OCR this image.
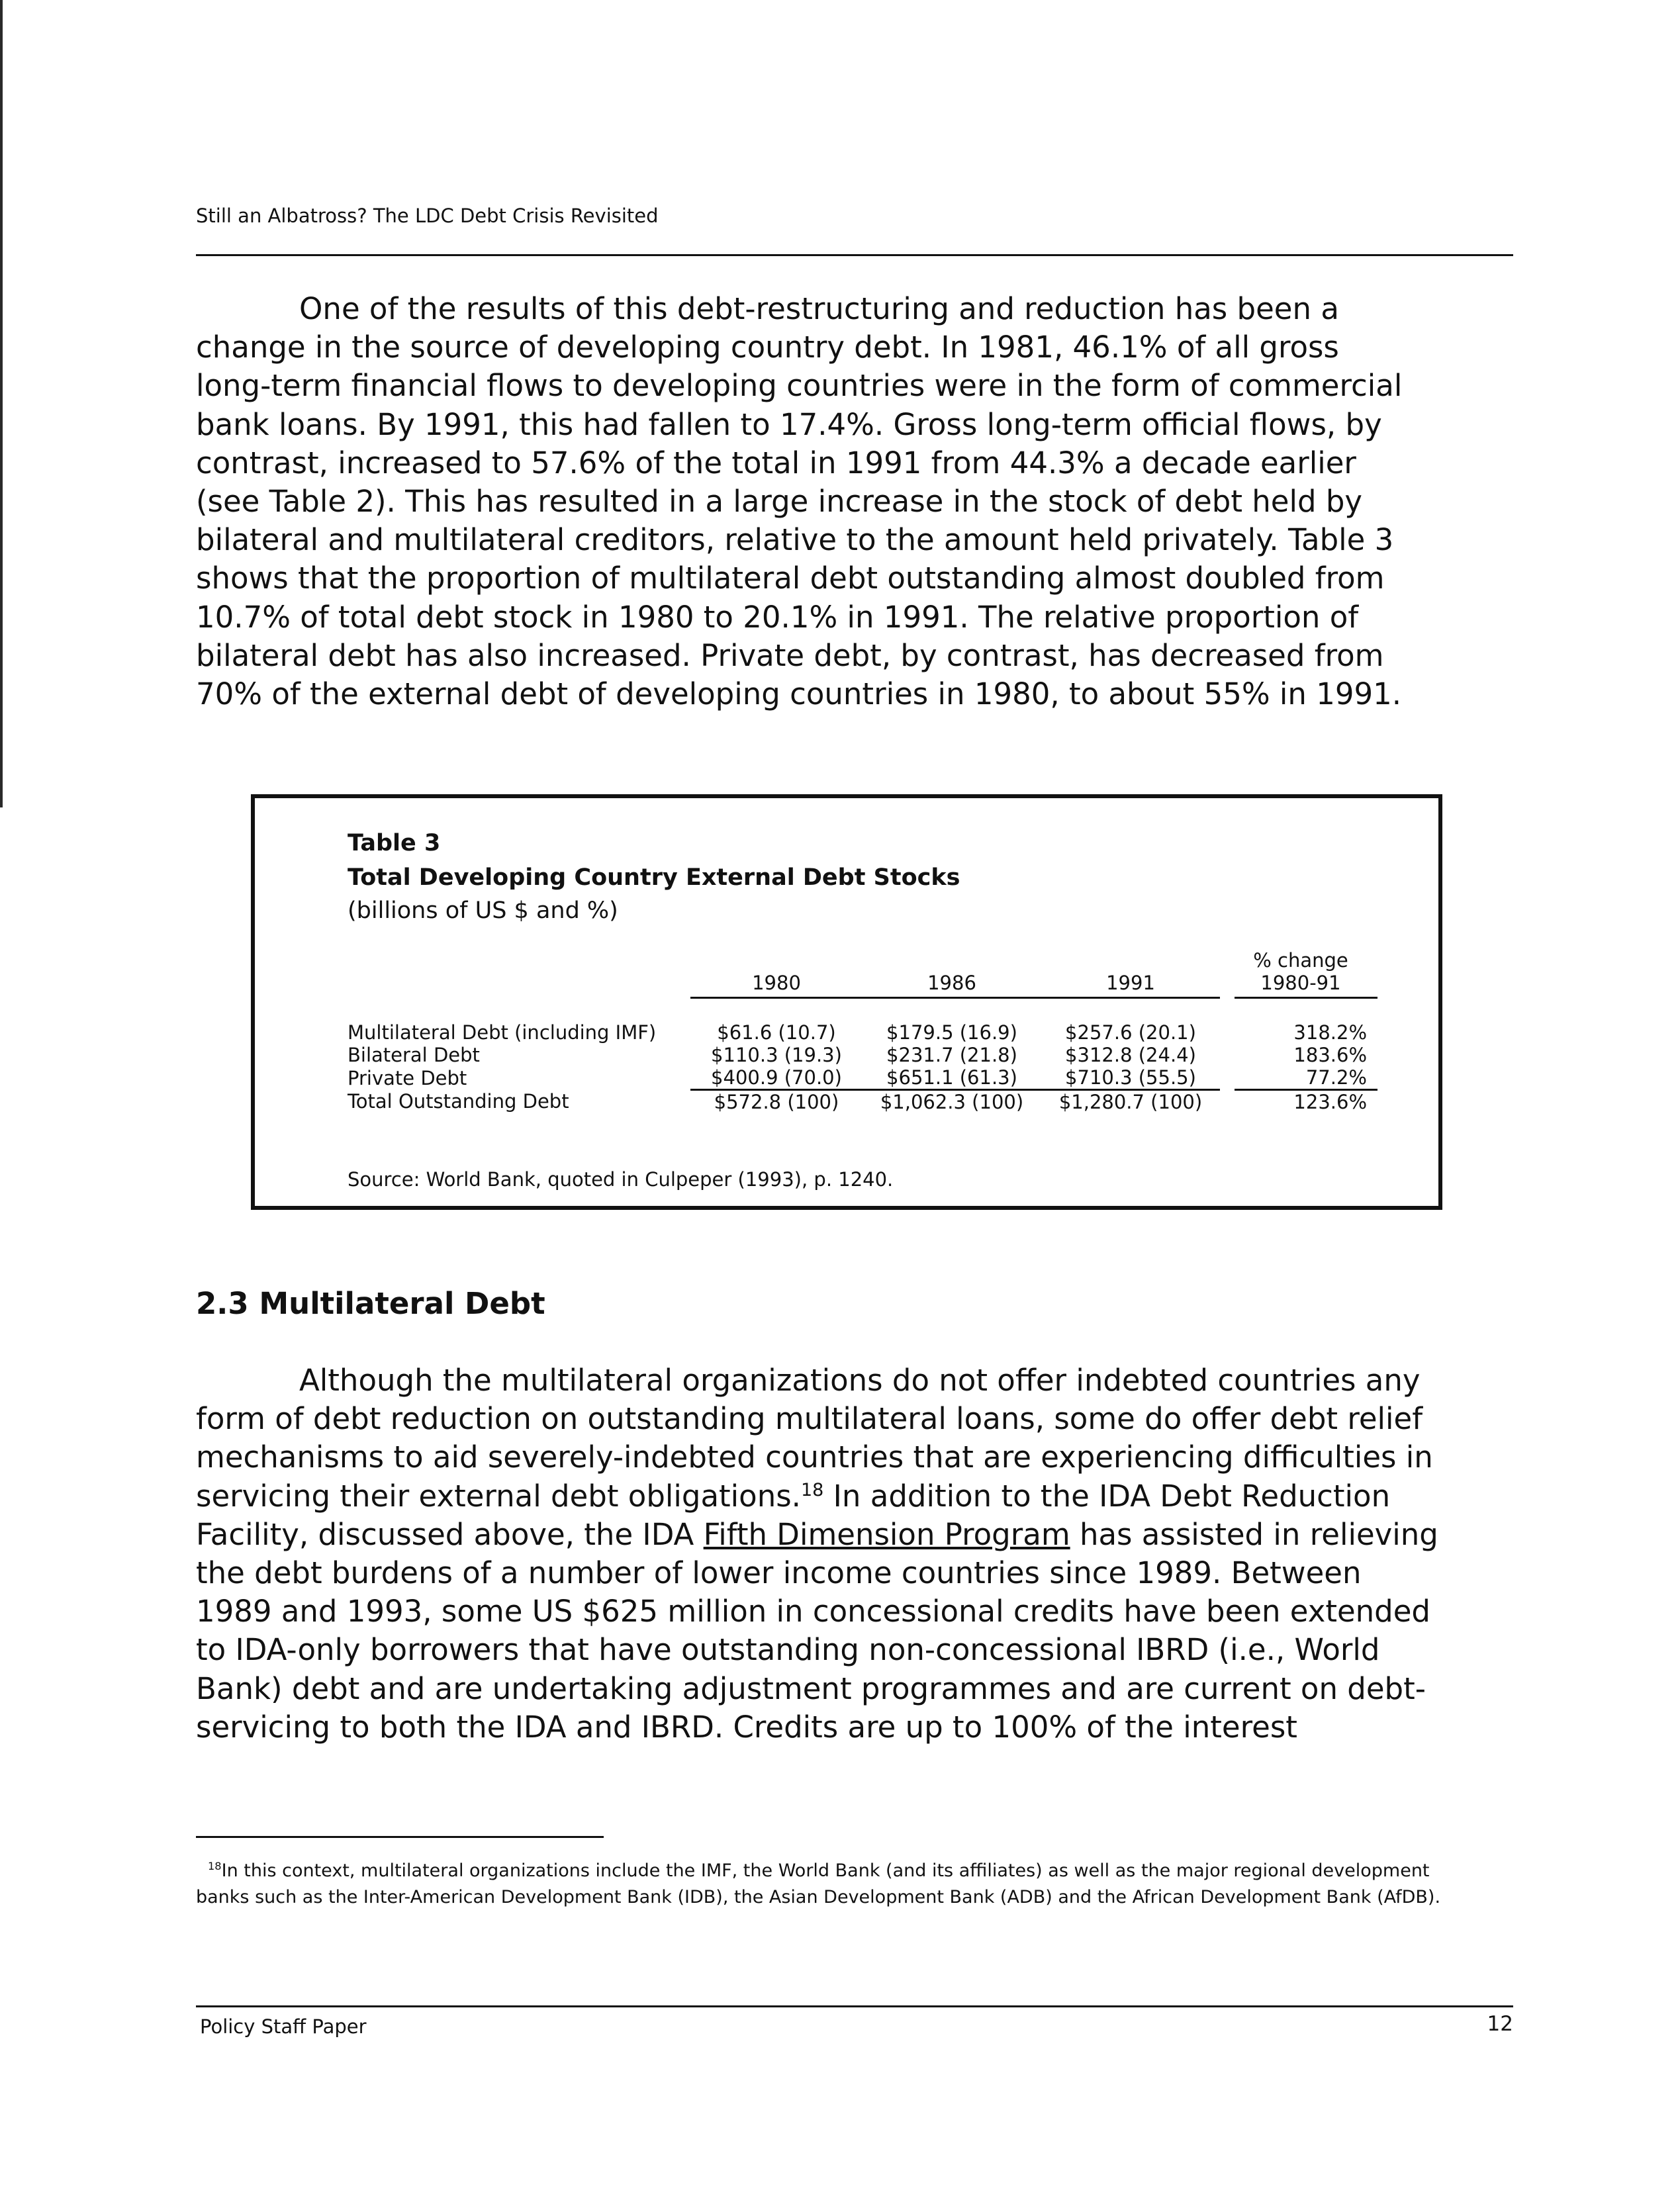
Still an Albatross? The LDC Debt Crisis Revisited

One of the results of this debt-restructuring and reduction has been a
change in the source of developing country debt. In 1981, 46.1% of all gross
long-term financial flows to developing countries were in the form of commercial
bank loans. By 1991, this had fallen to 17.4%. Gross long-term official flows, by
contrast, increased to 57.6% of the total in 1991 from 44.3% a decade earlier
(see Table 2). This has resulted in a large increase in the stock of debt held by
bilateral and multilateral creditors, relative to the amount held privately. Table 3
shows that the proportion of multilateral debt outstanding almost doubled from
10.7% of total debt stock in 1980 to 20.1% in 1991. The relative proportion of
bilateral debt has also increased. Private debt, by contrast, has decreased from
70% of the external debt of developing countries in 1980, to about 55% in 1991.

Table 3
Total Developing Country External Debt Stocks
(billions of US $ and %)
					% change
	1980	1986	1991		1980-91

Multilateral Debt (including IMF)	$61.6 (10.7)	$179.5 (16.9)	$257.6 (20.1)		318.2%
Bilateral Debt	$110.3 (19.3)	$231.7 (21.8)	$312.8 (24.4)		183.6%
Private Debt	$400.9 (70.0)	$651.1 (61.3)	$710.3 (55.5)		77.2%
Total Outstanding Debt	$572.8 (100)	$1,062.3 (100)	$1,280.7 (100)		123.6%
Source: World Bank, quoted in Culpeper (1993), p. 1240.
2.3 Multilateral Debt

Although the multilateral organizations do not offer indebted countries any
form of debt reduction on outstanding multilateral loans, some do offer debt relief
mechanisms to aid severely-indebted countries that are experiencing difficulties in
servicing their external debt obligations.$^{18}$ In addition to the IDA Debt Reduction
Facility, discussed above, the IDA Fifth Dimension Program has assisted in relieving
the debt burdens of a number of lower income countries since 1989. Between
1989 and 1993, some US $625 million in concessional credits have been extended
to IDA-only borrowers that have outstanding non-concessional IBRD (i.e., World
Bank) debt and are undertaking adjustment programmes and are current on debt-
servicing to both the IDA and IBRD. Credits are up to 100% of the interest

$^{18}$In this context, multilateral organizations include the IMF, the World Bank (and its affiliates) as well as the major regional development banks such as the Inter-American Development Bank (IDB), the Asian Development Bank (ADB) and the African Development Bank (AfDB).

Policy Staff Paper	12
